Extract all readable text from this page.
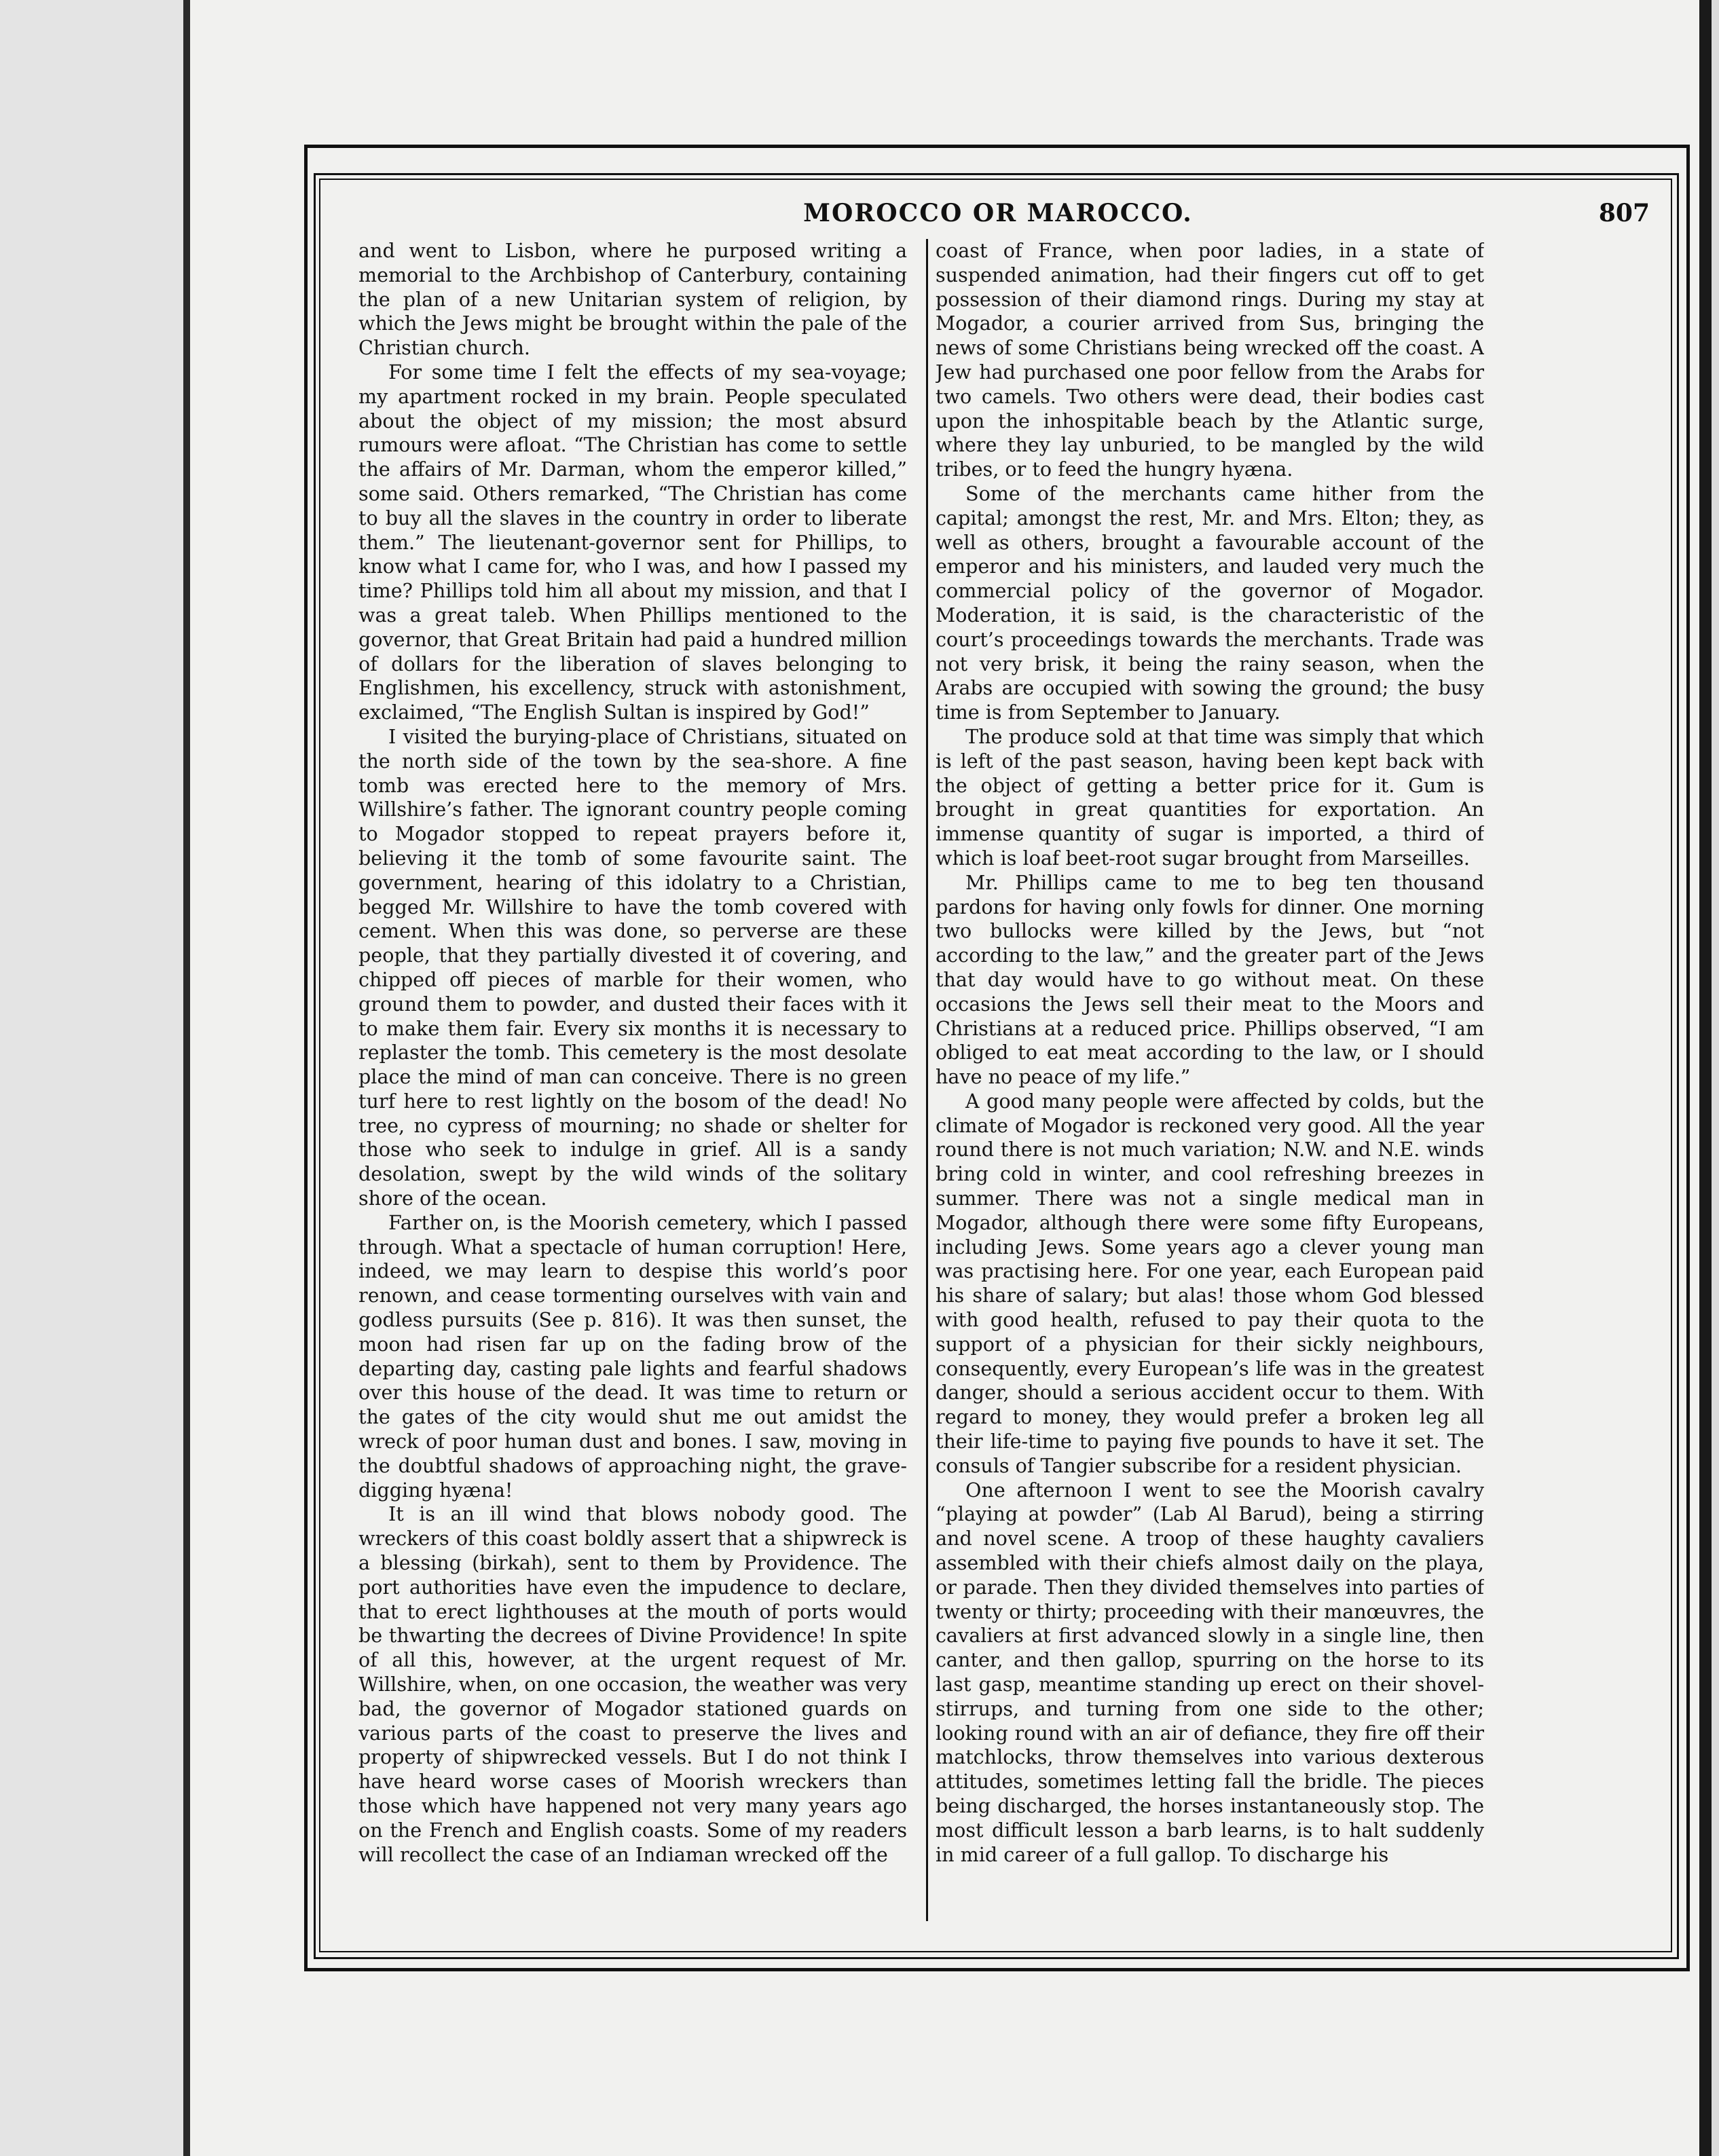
MOROCCO OR MAROCCO.	807

and went to Lisbon, where he purposed writing a memorial to the Archbishop of Canterbury, containing the plan of a new Unitarian system of religion, by which the Jews might be brought within the pale of the Christian church.

For some time I felt the effects of my sea-voyage; my apartment rocked in my brain. People speculated about the object of my mission; the most absurd rumours were afloat. “The Christian has come to settle the affairs of Mr. Darman, whom the emperor killed,” some said. Others remarked, “The Christian has come to buy all the slaves in the country in order to liberate them.” The lieutenant-governor sent for Phillips, to know what I came for, who I was, and how I passed my time? Phillips told him all about my mission, and that I was a great taleb. When Phillips mentioned to the governor, that Great Britain had paid a hundred million of dollars for the liberation of slaves belonging to Englishmen, his excellency, struck with astonishment, exclaimed, “The English Sultan is inspired by God!”

I visited the burying-place of Christians, situated on the north side of the town by the sea-shore. A fine tomb was erected here to the memory of Mrs. Willshire’s father. The ignorant country people coming to Mogador stopped to repeat prayers before it, believing it the tomb of some favourite saint. The government, hearing of this idolatry to a Christian, begged Mr. Willshire to have the tomb covered with cement. When this was done, so perverse are these people, that they partially divested it of covering, and chipped off pieces of marble for their women, who ground them to powder, and dusted their faces with it to make them fair. Every six months it is necessary to replaster the tomb. This cemetery is the most desolate place the mind of man can conceive. There is no green turf here to rest lightly on the bosom of the dead! No tree, no cypress of mourning; no shade or shelter for those who seek to indulge in grief. All is a sandy desolation, swept by the wild winds of the solitary shore of the ocean.

Farther on, is the Moorish cemetery, which I passed through. What a spectacle of human corruption! Here, indeed, we may learn to despise this world’s poor renown, and cease tormenting ourselves with vain and godless pursuits (See p. 816). It was then sunset, the moon had risen far up on the fading brow of the departing day, casting pale lights and fearful shadows over this house of the dead. It was time to return or the gates of the city would shut me out amidst the wreck of poor human dust and bones. I saw, moving in the doubtful shadows of approaching night, the grave-digging hyæna!

It is an ill wind that blows nobody good. The wreckers of this coast boldly assert that a shipwreck is a blessing (birkah), sent to them by Providence. The port authorities have even the impudence to declare, that to erect lighthouses at the mouth of ports would be thwarting the decrees of Divine Providence! In spite of all this, however, at the urgent request of Mr. Willshire, when, on one occasion, the weather was very bad, the governor of Mogador stationed guards on various parts of the coast to preserve the lives and property of shipwrecked vessels. But I do not think I have heard worse cases of Moorish wreckers than those which have happened not very many years ago on the French and English coasts. Some of my readers will recollect the case of an Indiaman wrecked off the

coast of France, when poor ladies, in a state of suspended animation, had their fingers cut off to get possession of their diamond rings. During my stay at Mogador, a courier arrived from Sus, bringing the news of some Christians being wrecked off the coast. A Jew had purchased one poor fellow from the Arabs for two camels. Two others were dead, their bodies cast upon the inhospitable beach by the Atlantic surge, where they lay unburied, to be mangled by the wild tribes, or to feed the hungry hyæna.

Some of the merchants came hither from the capital; amongst the rest, Mr. and Mrs. Elton; they, as well as others, brought a favourable account of the emperor and his ministers, and lauded very much the commercial policy of the governor of Mogador. Moderation, it is said, is the characteristic of the court’s proceedings towards the merchants. Trade was not very brisk, it being the rainy season, when the Arabs are occupied with sowing the ground; the busy time is from September to January.

The produce sold at that time was simply that which is left of the past season, having been kept back with the object of getting a better price for it. Gum is brought in great quantities for exportation. An immense quantity of sugar is imported, a third of which is loaf beet-root sugar brought from Marseilles.

Mr. Phillips came to me to beg ten thousand pardons for having only fowls for dinner. One morning two bullocks were killed by the Jews, but “not according to the law,” and the greater part of the Jews that day would have to go without meat. On these occasions the Jews sell their meat to the Moors and Christians at a reduced price. Phillips observed, “I am obliged to eat meat according to the law, or I should have no peace of my life.”

A good many people were affected by colds, but the climate of Mogador is reckoned very good. All the year round there is not much variation; N.W. and N.E. winds bring cold in winter, and cool refreshing breezes in summer. There was not a single medical man in Mogador, although there were some fifty Europeans, including Jews. Some years ago a clever young man was practising here. For one year, each European paid his share of salary; but alas! those whom God blessed with good health, refused to pay their quota to the support of a physician for their sickly neighbours, consequently, every European’s life was in the greatest danger, should a serious accident occur to them. With regard to money, they would prefer a broken leg all their life-time to paying five pounds to have it set. The consuls of Tangier subscribe for a resident physician.

One afternoon I went to see the Moorish cavalry “playing at powder” (Lab Al Barud), being a stirring and novel scene. A troop of these haughty cavaliers assembled with their chiefs almost daily on the playa, or parade. Then they divided themselves into parties of twenty or thirty; proceeding with their manœuvres, the cavaliers at first advanced slowly in a single line, then canter, and then gallop, spurring on the horse to its last gasp, meantime standing up erect on their shovel-stirrups, and turning from one side to the other; looking round with an air of defiance, they fire off their matchlocks, throw themselves into various dexterous attitudes, sometimes letting fall the bridle. The pieces being discharged, the horses instantaneously stop. The most difficult lesson a barb learns, is to halt suddenly in mid career of a full gallop. To discharge his
